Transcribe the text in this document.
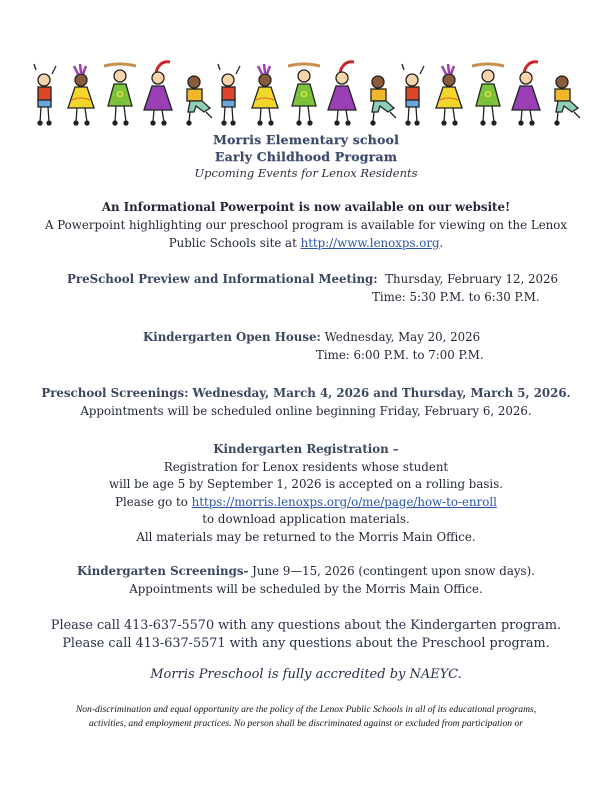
Morris Elementary school
Early Childhood Program
Upcoming Events for Lenox Residents
An Informational Powerpoint is now available on our website!
A Powerpoint highlighting our preschool program is available for viewing on the Lenox
Public Schools site at http://www.lenoxps.org.
PreSchool Preview and Informational Meeting: Thursday, February 12, 2026
Time: 5:30 P.M. to 6:30 P.M.
Kindergarten Open House: Wednesday, May 20, 2026
Time: 6:00 P.M. to 7:00 P.M.
Preschool Screenings: Wednesday, March 4, 2026 and Thursday, March 5, 2026.
Appointments will be scheduled online beginning Friday, February 6, 2026.
Kindergarten Registration –
Registration for Lenox residents whose student
will be age 5 by September 1, 2026 is accepted on a rolling basis.
Please go to https://morris.lenoxps.org/o/me/page/how-to-enroll
to download application materials.
All materials may be returned to the Morris Main Office.
Kindergarten Screenings- June 9—15, 2026 (contingent upon snow days).
Appointments will be scheduled by the Morris Main Office.
Please call 413-637-5570 with any questions about the Kindergarten program.
Please call 413-637-5571 with any questions about the Preschool program.
Morris Preschool is fully accredited by NAEYC.
Non-discrimination and equal opportunity are the policy of the Lenox Public Schools in all of its educational programs,
activities, and employment practices. No person shall be discriminated against or excluded from participation or
